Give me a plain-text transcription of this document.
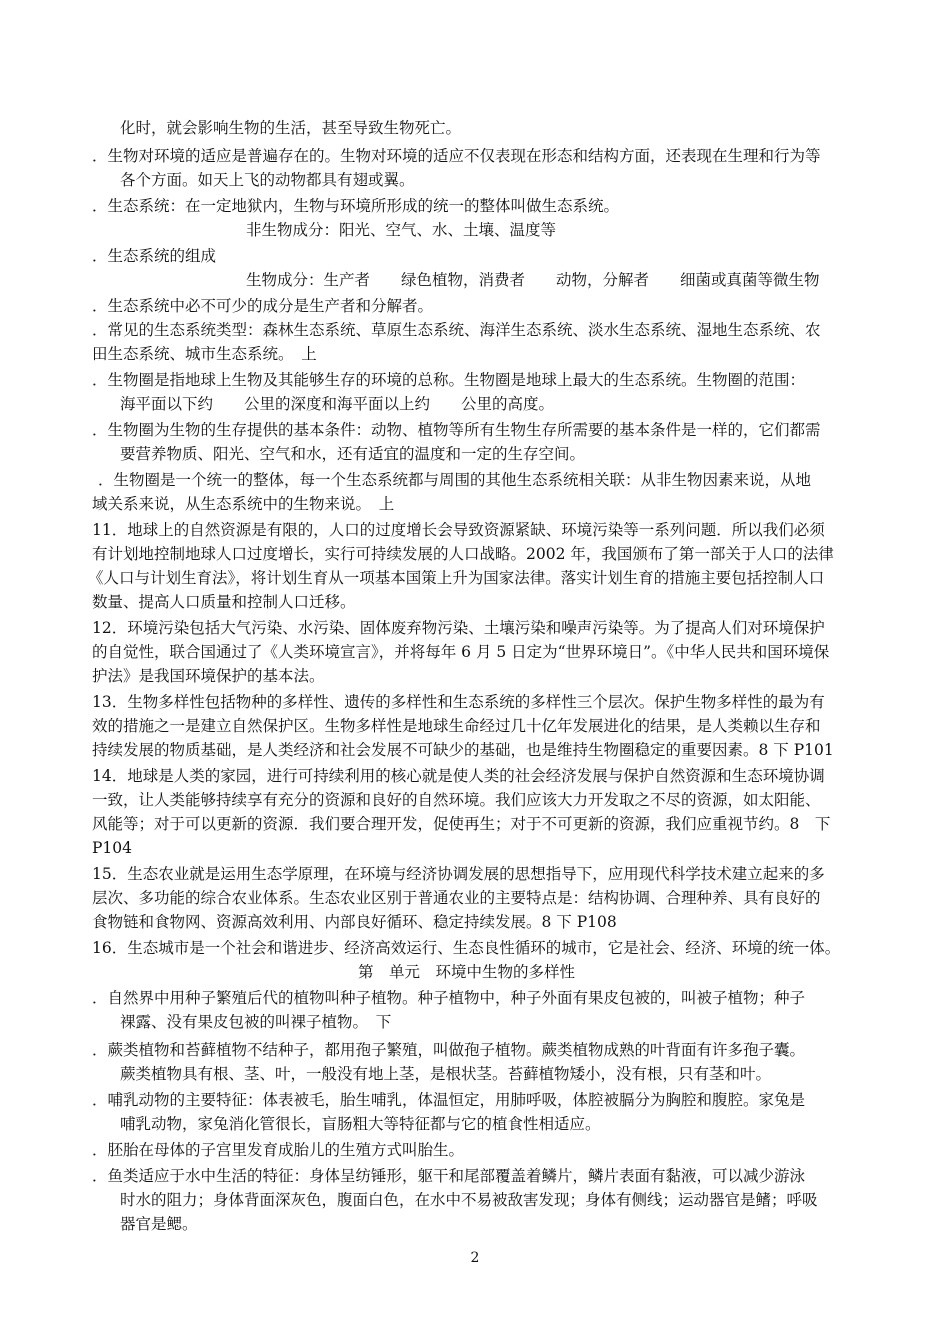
化时，就会影响生物的生活，甚至导致生物死亡。
．生物对环境的适应是普遍存在的。生物对环境的适应不仅表现在形态和结构方面，还表现在生理和行为等
各个方面。如天上飞的动物都具有翅或翼。
．生态系统：在一定地狱内，生物与环境所形成的统一的整体叫做生态系统。
非生物成分：阳光、空气、水、土壤、温度等
．生态系统的组成
生物成分：生产者　　绿色植物，消费者　　动物，分解者　　细菌或真菌等微生物
．生态系统中必不可少的成分是生产者和分解者。
．常见的生态系统类型：森林生态系统、草原生态系统、海洋生态系统、淡水生态系统、湿地生态系统、农
田生态系统、城市生态系统。　上
．生物圈是指地球上生物及其能够生存的环境的总称。生物圈是地球上最大的生态系统。生物圈的范围：
海平面以下约　　公里的深度和海平面以上约　　公里的高度。
．生物圈为生物的生存提供的基本条件：动物、植物等所有生物生存所需要的基本条件是一样的，它们都需
要营养物质、阳光、空气和水，还有适宜的温度和一定的生存空间。
．生物圈是一个统一的整体，每一个生态系统都与周围的其他生态系统相关联：从非生物因素来说，从地
域关系来说，从生态系统中的生物来说。　上
11．地球上的自然资源是有限的，人口的过度增长会导致资源紧缺、环境污染等一系列问题．所以我们必须
有计划地控制地球人口过度增长，实行可持续发展的人口战略。2002 年，我国颁布了第一部关于人口的法律
《人口与计划生育法》，将计划生育从一项基本国策上升为国家法律。落实计划生育的措施主要包括控制人口
数量、提高人口质量和控制人口迁移。
12．环境污染包括大气污染、水污染、固体废弃物污染、土壤污染和噪声污染等。为了提高人们对环境保护
的自觉性，联合国通过了《人类环境宣言》，并将每年 6 月 5 日定为“世界环境日”。《中华人民共和国环境保
护法》是我国环境保护的基本法。
13．生物多样性包括物种的多样性、遗传的多样性和生态系统的多样性三个层次。保护生物多样性的最为有
效的措施之一是建立自然保护区。生物多样性是地球生命经过几十亿年发展进化的结果，是人类赖以生存和
持续发展的物质基础，是人类经济和社会发展不可缺少的基础，也是维持生物圈稳定的重要因素。8 下 P101
14．地球是人类的家园，进行可持续利用的核心就是使人类的社会经济发展与保护自然资源和生态环境协调
一致，让人类能够持续享有充分的资源和良好的自然环境。我们应该大力开发取之不尽的资源，如太阳能、
风能等；对于可以更新的资源．我们要合理开发，促使再生；对于不可更新的资源，我们应重视节约。8　下
P104
15．生态农业就是运用生态学原理，在环境与经济协调发展的思想指导下，应用现代科学技术建立起来的多
层次、多功能的综合农业体系。生态农业区别于普通农业的主要特点是：结构协调、合理种养、具有良好的
食物链和食物网、资源高效利用、内部良好循环、稳定持续发展。8 下 P108
16．生态城市是一个社会和谐进步、经济高效运行、生态良性循环的城市，它是社会、经济、环境的统一体。
第　单元　环境中生物的多样性
．自然界中用种子繁殖后代的植物叫种子植物。种子植物中，种子外面有果皮包被的，叫被子植物；种子
裸露、没有果皮包被的叫裸子植物。　下
．蕨类植物和苔藓植物不结种子，都用孢子繁殖，叫做孢子植物。蕨类植物成熟的叶背面有许多孢子囊。
蕨类植物具有根、茎、叶，一般没有地上茎，是根状茎。苔藓植物矮小，没有根，只有茎和叶。
．哺乳动物的主要特征：体表被毛，胎生哺乳，体温恒定，用肺呼吸，体腔被膈分为胸腔和腹腔。家兔是
哺乳动物，家兔消化管很长，盲肠粗大等特征都与它的植食性相适应。
．胚胎在母体的子宫里发育成胎儿的生殖方式叫胎生。
．鱼类适应于水中生活的特征：身体呈纺锤形，躯干和尾部覆盖着鳞片，鳞片表面有黏液，可以减少游泳
时水的阻力；身体背面深灰色，腹面白色，在水中不易被敌害发现；身体有侧线；运动器官是鳍；呼吸
器官是鳃。
2
